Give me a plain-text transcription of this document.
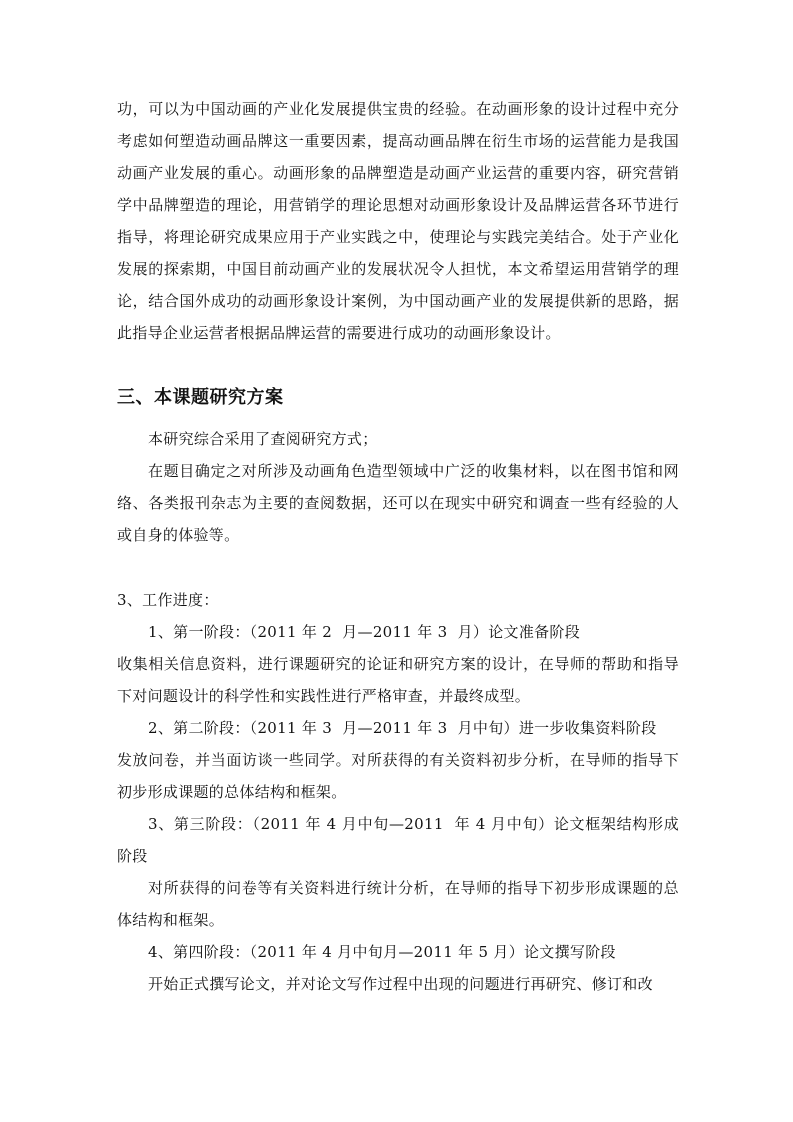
功，可以为中国动画的产业化发展提供宝贵的经验。在动画形象的设计过程中充分考虑如何塑造动画品牌这一重要因素，提高动画品牌在衍生市场的运营能力是我国动画产业发展的重心。动画形象的品牌塑造是动画产业运营的重要内容，研究营销学中品牌塑造的理论，用营销学的理论思想对动画形象设计及品牌运营各环节进行指导，将理论研究成果应用于产业实践之中，使理论与实践完美结合。处于产业化发展的探索期，中国目前动画产业的发展状况令人担忧，本文希望运用营销学的理论，结合国外成功的动画形象设计案例，为中国动画产业的发展提供新的思路，据此指导企业运营者根据品牌运营的需要进行成功的动画形象设计。

三、本课题研究方案

本研究综合采用了查阅研究方式；

在题目确定之对所涉及动画角色造型领域中广泛的收集材料，以在图书馆和网络、各类报刊杂志为主要的查阅数据，还可以在现实中研究和调查一些有经验的人或自身的体验等。

3、工作进度：

1、第一阶段：（2011 年 2  月—2011 年 3  月）论文准备阶段

收集相关信息资料，进行课题研究的论证和研究方案的设计，在导师的帮助和指导下对问题设计的科学性和实践性进行严格审查，并最终成型。

2、第二阶段：（2011 年 3  月—2011 年 3  月中旬）进一步收集资料阶段

发放问卷，并当面访谈一些同学。对所获得的有关资料初步分析，在导师的指导下初步形成课题的总体结构和框架。

3、第三阶段：（2011 年 4 月中旬—2011  年 4 月中旬）论文框架结构形成阶段

对所获得的问卷等有关资料进行统计分析，在导师的指导下初步形成课题的总体结构和框架。

4、第四阶段：（2011 年 4 月中旬月—2011 年 5 月）论文撰写阶段

开始正式撰写论文，并对论文写作过程中出现的问题进行再研究、修订和改
